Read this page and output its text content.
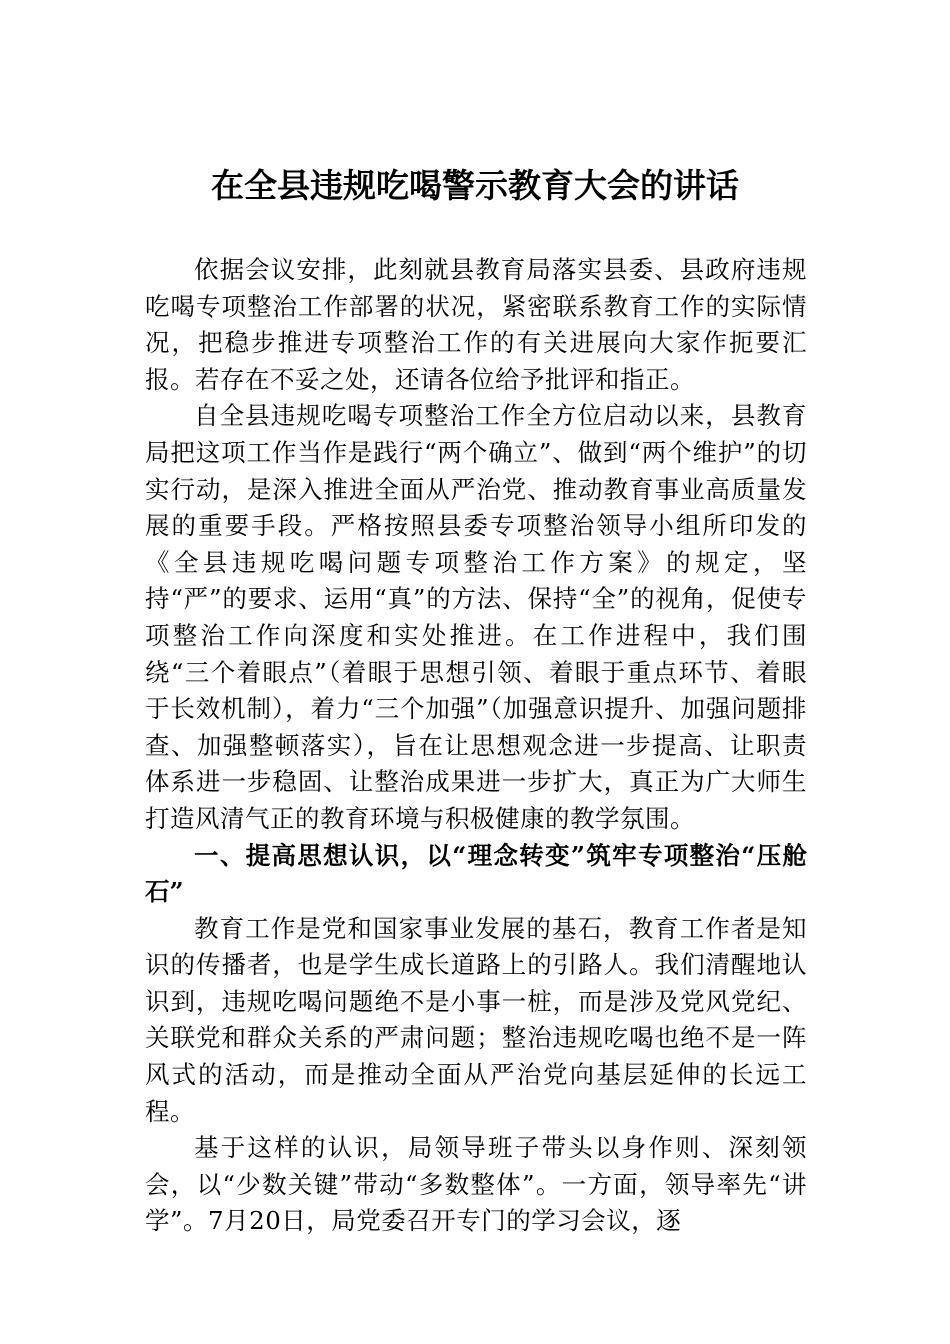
在全县违规吃喝警示教育大会的讲话

依据会议安排，此刻就县教育局落实县委、县政府违规吃喝专项整治工作部署的状况，紧密联系教育工作的实际情况，把稳步推进专项整治工作的有关进展向大家作扼要汇报。若存在不妥之处，还请各位给予批评和指正。

自全县违规吃喝专项整治工作全方位启动以来，县教育局把这项工作当作是践行“两个确立”、做到“两个维护”的切实行动，是深入推进全面从严治党、推动教育事业高质量发展的重要手段。严格按照县委专项整治领导小组所印发的《全县违规吃喝问题专项整治工作方案》的规定，坚持“严”的要求、运用“真”的方法、保持“全”的视角，促使专项整治工作向深度和实处推进。在工作进程中，我们围绕“三个着眼点”（着眼于思想引领、着眼于重点环节、着眼于长效机制），着力“三个加强”（加强意识提升、加强问题排查、加强整顿落实），旨在让思想观念进一步提高、让职责体系进一步稳固、让整治成果进一步扩大，真正为广大师生打造风清气正的教育环境与积极健康的教学氛围。

一、提高思想认识，以“理念转变”筑牢专项整治“压舱石”

教育工作是党和国家事业发展的基石，教育工作者是知识的传播者，也是学生成长道路上的引路人。我们清醒地认识到，违规吃喝问题绝不是小事一桩，而是涉及党风党纪、关联党和群众关系的严肃问题；整治违规吃喝也绝不是一阵风式的活动，而是推动全面从严治党向基层延伸的长远工程。

基于这样的认识，局领导班子带头以身作则、深刻领会，以“少数关键”带动“多数整体”。一方面，领导率先“讲学”。7月20日，局党委召开专门的学习会议，逐
